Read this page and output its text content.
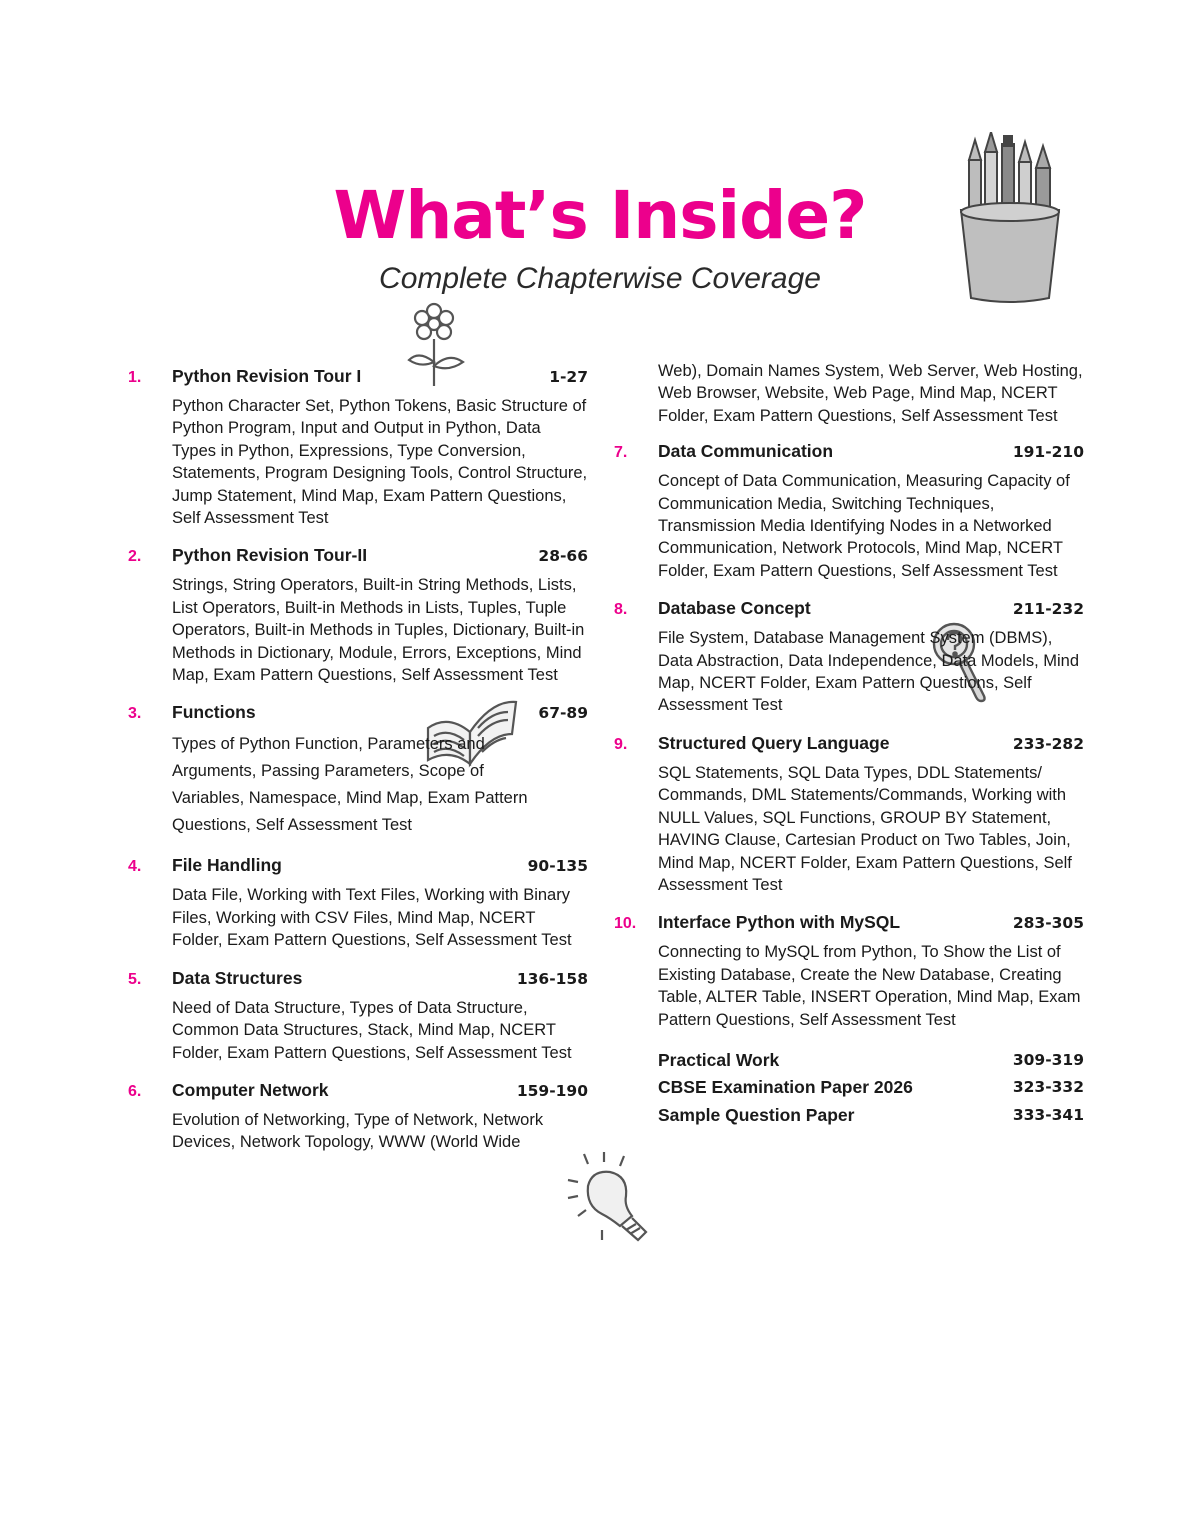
What’s Inside?
Complete Chapterwise Coverage
1.	Python Revision Tour I	1-27
Python Character Set, Python Tokens, Basic Structure of Python Program, Input and Output in Python, Data Types in Python, Expressions, Type Conversion, Statements, Program Designing Tools, Control Structure, Jump Statement, Mind Map, Exam Pattern Questions, Self Assessment Test
2.	Python Revision Tour-II	28-66
Strings, String Operators, Built-in String Methods, Lists, List Operators, Built-in Methods in Lists, Tuples, Tuple Operators, Built-in Methods in Tuples, Dictionary, Built-in Methods in Dictionary, Module, Errors, Exceptions, Mind Map, Exam Pattern Questions, Self Assessment Test
3.	Functions	67-89
Types of Python Function, Parameters and Arguments, Passing Parameters, Scope of Variables, Namespace, Mind Map, Exam Pattern Questions, Self Assessment Test
4.	File Handling	90-135
Data File, Working with Text Files, Working with Binary Files, Working with CSV Files, Mind Map, NCERT Folder, Exam Pattern Questions, Self Assessment Test
5.	Data Structures	136-158
Need of Data Structure, Types of Data Structure, Common Data Structures, Stack, Mind Map, NCERT Folder, Exam Pattern Questions, Self Assessment Test
6.	Computer Network	159-190
Evolution of Networking, Type of Network, Network Devices, Network Topology, WWW (World Wide
Web), Domain Names System, Web Server, Web Hosting, Web Browser, Website, Web Page, Mind Map, NCERT Folder, Exam Pattern Questions, Self Assessment Test
7.	Data Communication	191-210
Concept of Data Communication, Measuring Capacity of Communication Media, Switching Techniques, Transmission Media Identifying Nodes in a Networked Communication, Network Protocols, Mind Map, NCERT Folder, Exam Pattern Questions, Self Assessment Test
8.	Database Concept	211-232
File System, Database Management System (DBMS), Data Abstraction, Data Independence, Data Models, Mind Map, NCERT Folder, Exam Pattern Questions, Self Assessment Test
9.	Structured Query Language	233-282
SQL Statements, SQL Data Types, DDL Statements/ Commands, DML Statements/Commands, Working with NULL Values, SQL Functions, GROUP BY Statement, HAVING Clause, Cartesian Product on Two Tables, Join, Mind Map, NCERT Folder, Exam Pattern Questions, Self Assessment Test
10.	Interface Python with MySQL	283-305
Connecting to MySQL from Python, To Show the List of Existing Database, Create the New Database, Creating Table, ALTER Table, INSERT Operation, Mind Map, Exam Pattern Questions, Self Assessment Test
Practical Work	309-319
CBSE Examination Paper 2026	323-332
Sample Question Paper	333-341
